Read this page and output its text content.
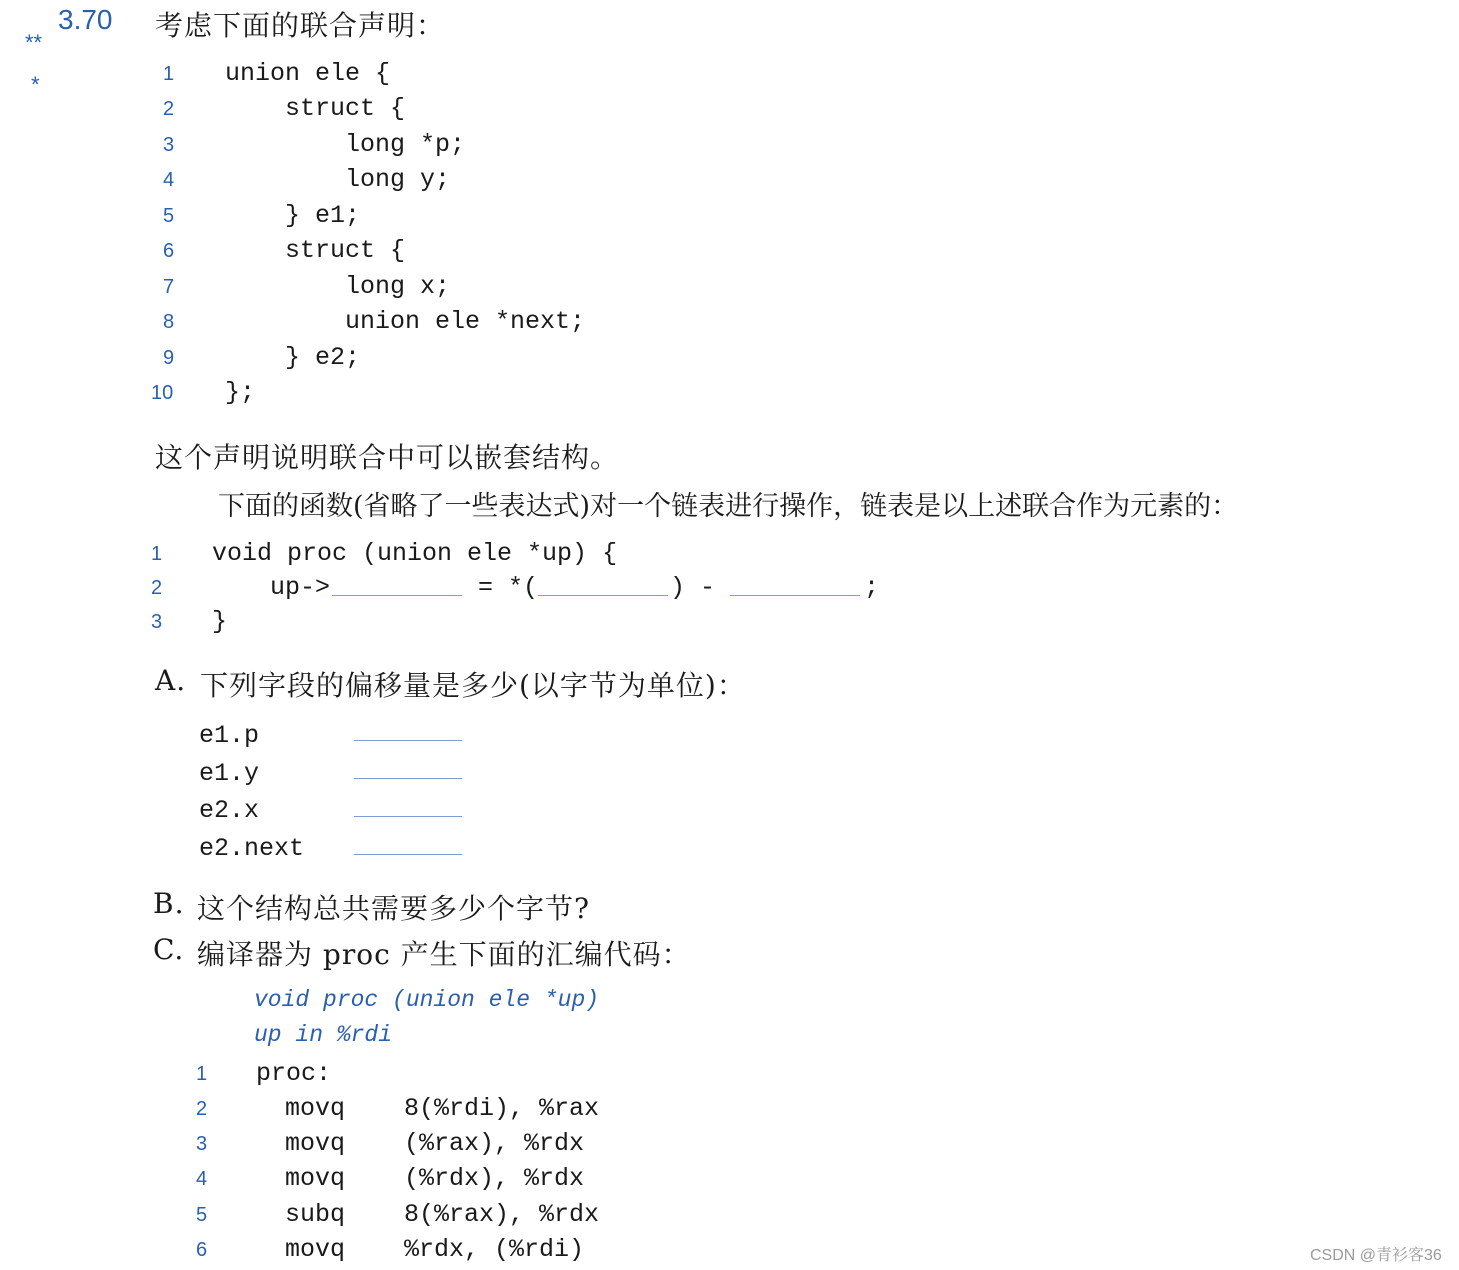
**

*

3.70 考虑下面的联合声明：
1
2
3
4
5
6
7
8
9
10
union ele {
struct {
long *p;
long y;
} e1;
struct {
long x;
union ele *next;
} e2;
};
这个声明说明联合中可以嵌套结构。
下面的函数(省略了一些表达式)对一个链表进行操作，链表是以上述联合作为元素的：
1
2
3
void proc (union ele *up) {
up->	= *(	) -	;
}
A. 下列字段的偏移量是多少(以字节为单位)：
e1.p
e1.y
e2.x
e2.next
B. 这个结构总共需要多少个字节?
C. 编译器为 proc 产生下面的汇编代码：
void proc (union ele *up)
up in %rdi
1
2
3
4
5
6
proc:
movq 8(%rdi), %rax
movq (%rax), %rdx
movq (%rdx), %rdx
subq 8(%rax), %rdx
movq %rdx, (%rdi)	CSDN @青衫客36
